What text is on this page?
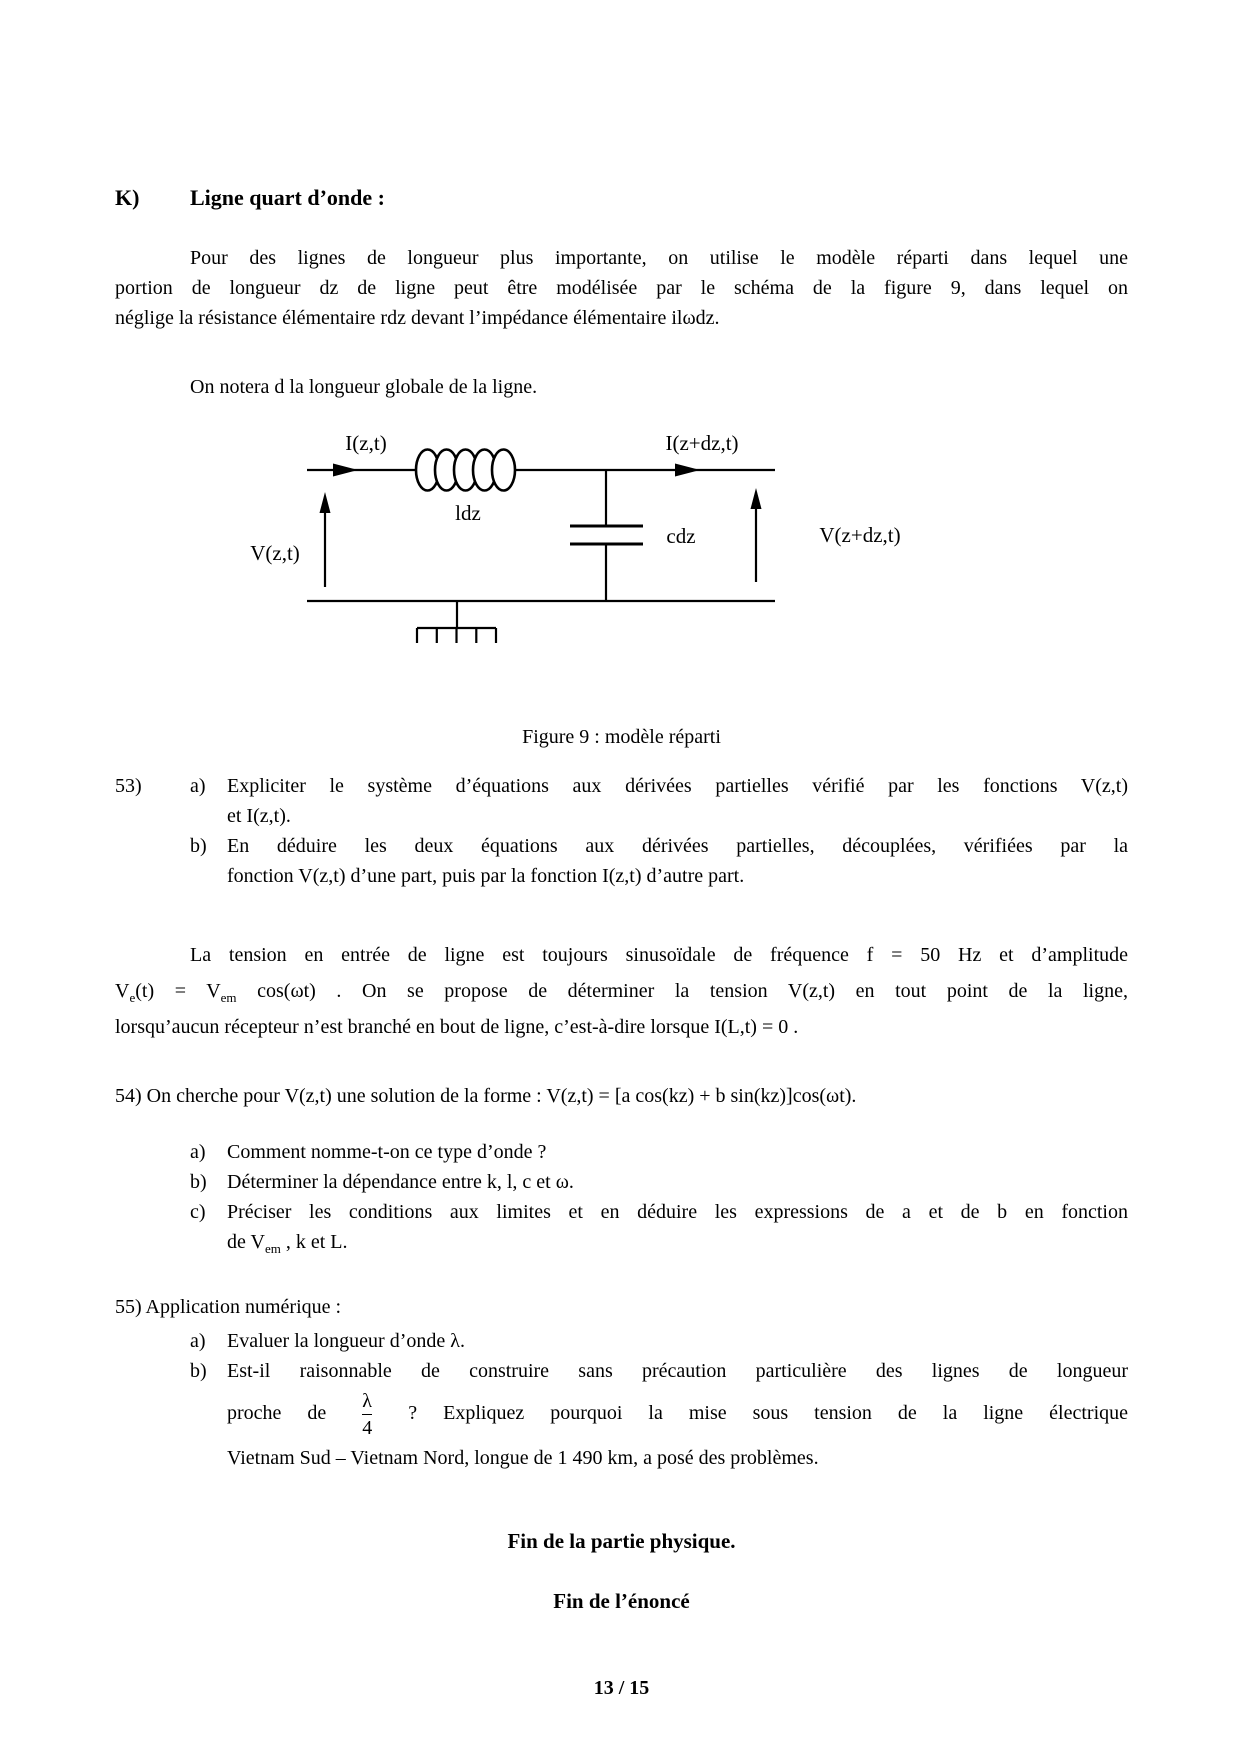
K)	Ligne quart d’onde :
Pour des lignes de longueur plus importante, on utilise le modèle réparti dans lequel une
portion de longueur dz de ligne peut être modélisée par le schéma de la figure 9, dans lequel on
néglige la résistance élémentaire rdz devant l’impédance élémentaire ilωdz.

On notera d la longueur globale de la ligne.

I(z,t)	I(z+dz,t)
ldz
cdz
V(z,t)
V(z+dz,t)
Figure 9 : modèle réparti
53)	a)	Expliciter le système d’équations aux dérivées partielles vérifié par les fonctions V(z,t)
et I(z,t).
b)	En déduire les deux équations aux dérivées partielles, découplées, vérifiées par la
fonction V(z,t) d’une part, puis par la fonction I(z,t) d’autre part.
La tension en entrée de ligne est toujours sinusoïdale de fréquence f = 50 Hz et d’amplitude
$V_e(t) = V_{em}$ cos(ωt) . On se propose de déterminer la tension V(z,t) en tout point de la ligne,
lorsqu’aucun récepteur n’est branché en bout de ligne, c’est-à-dire lorsque I(L,t) = 0 .

54) On cherche pour V(z,t) une solution de la forme : V(z,t) = [a cos(kz) + b sin(kz)]cos(ωt).

a)	Comment nomme-t-on ce type d’onde ?
b)	Déterminer la dépendance entre k, l, c et ω.
c)	Préciser les conditions aux limites et en déduire les expressions de a et de b en fonction
de $V_{em}$ , k et L.

55) Application numérique :

a)	Evaluer la longueur d’onde λ.
b)	Est-il raisonnable de construire sans précaution particulière des lignes de longueur
proche de $\frac{\lambda}{4}$ ? Expliquez pourquoi la mise sous tension de la ligne électrique
Vietnam Sud – Vietnam Nord, longue de 1 490 km, a posé des problèmes.
Fin de la partie physique.
Fin de l’énoncé
13 / 15
